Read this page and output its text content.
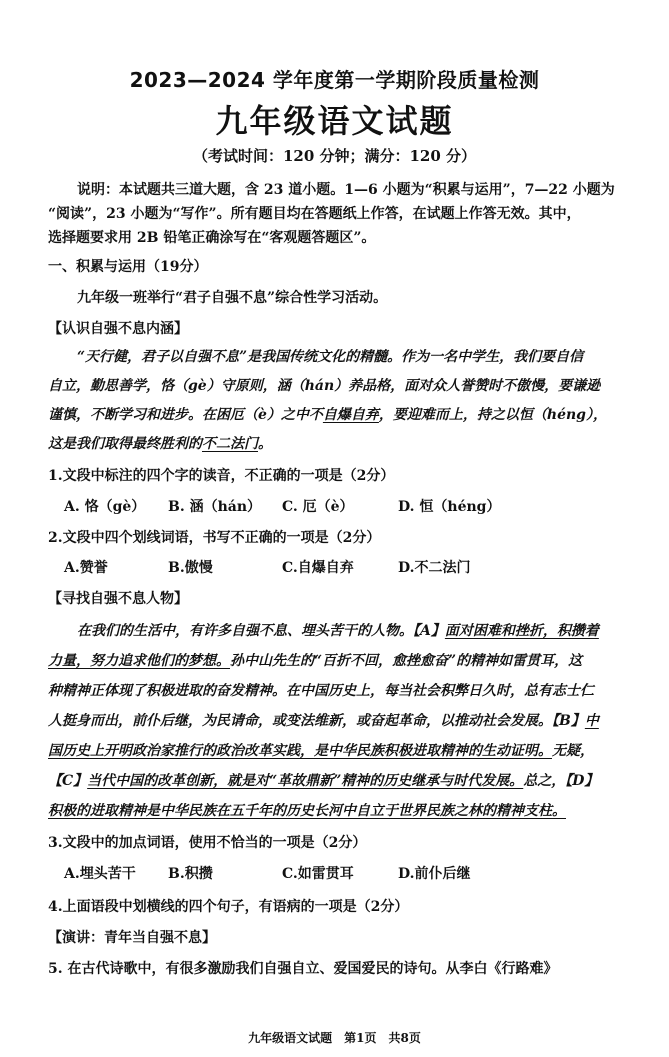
2023—2024 学年度第一学期阶段质量检测
九年级语文试题
（考试时间：120 分钟；满分：120 分）
说明：本试题共三道大题，含 23 道小题。1—6 小题为“积累与运用”，7—22 小题为
“阅读”，23 小题为“写作”。所有题目均在答题纸上作答，在试题上作答无效。其中，
选择题要求用 2B 铅笔正确涂写在“客观题答题区”。
一、积累与运用（19分）
九年级一班举行“君子自强不息”综合性学习活动。
【认识自强不息内涵】
“天行健，君子以自强不息”是我国传统文化的精髓。作为一名中学生，我们要自信
自立，勤思善学，恪（gè）守原则，涵（hán）养品格，面对众人誉赞时不傲慢，要谦逊
谨慎，不断学习和进步。在困厄（è）之中不自爆自弃，要迎难而上，持之以恒（héng），
这是我们取得最终胜利的不二法门。
1.文段中标注的四个字的读音，不正确的一项是（2分）
A. 恪（gè） B. 涵（hán） C. 厄（è）	D. 恒（héng）
2.文段中四个划线词语，书写不正确的一项是（2分）
A.赞誉	B.傲慢	C.自爆自弃	D.不二法门
【寻找自强不息人物】
在我们的生活中，有许多自强不息、埋头苦干的人物。【A】面对困难和挫折，积攒着
力量，努力追求他们的梦想。孙中山先生的“百折不回，愈挫愈奋”的精神如雷贯耳，这
种精神正体现了积极进取的奋发精神。在中国历史上，每当社会积弊日久时，总有志士仁
人挺身而出，前仆后继，为民请命，或变法维新，或奋起革命，以推动社会发展。【B】中
国历史上开明政治家推行的政治改革实践，是中华民族积极进取精神的生动证明。无疑，
【C】当代中国的改革创新，就是对“革故鼎新”精神的历史继承与时代发展。总之，【D】
积极的进取精神是中华民族在五千年的历史长河中自立于世界民族之林的精神支柱。
3.文段中的加点词语，使用不恰当的一项是（2分）
A.埋头苦干 B.积攒	C.如雷贯耳	D.前仆后继
4.上面语段中划横线的四个句子，有语病的一项是（2分）
【演讲：青年当自强不息】
5. 在古代诗歌中，有很多激励我们自强自立、爱国爱民的诗句。从李白《行路难》
九年级语文试题　第1页　共8页
